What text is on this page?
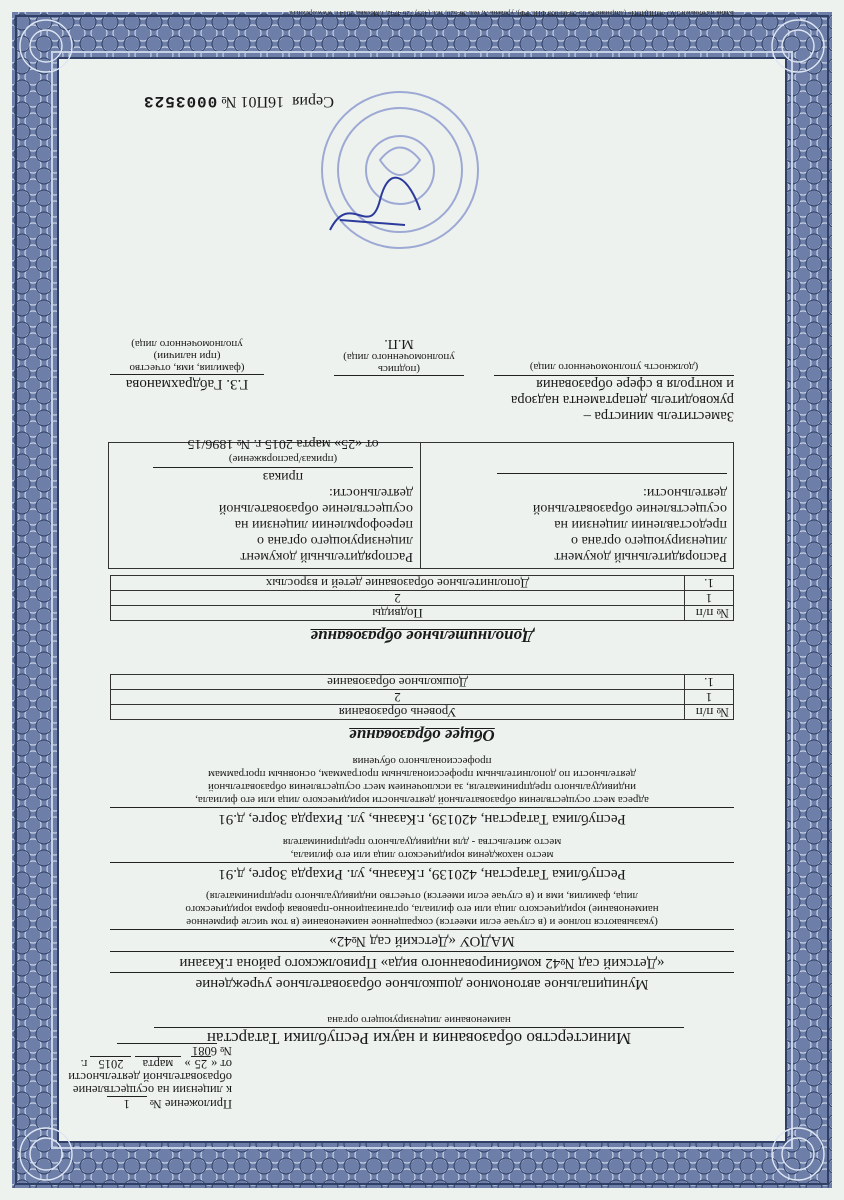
Бланк изготовлен ЗАО «ОПЦИОН» (лицензия № 05-05-09/003 ФНС РФ), уровень А, тел. 36-520, тел. (495) 726 4742, г.Москва, 2014 г. www.opcion.ru
Приложение № 1
к лицензии на осуществление
образовательной деятельности
от «25» марта 2015 г.
№ 6081
Министерство образования и науки Республики Татарстан
наименование лицензирующего органа
Муниципальное автономное дошкольное образовательное учреждение
«Детский сад №42 комбинированного вида» Приволжского района г.Казани
МАДОУ «Детский сад №42»
(указываются полное и (в случае если имеется) сокращенное наименование (в том числе фирменное
наименование) юридического лица или его филиала, организационно-правовая форма юридического
лица, фамилия, имя и (в случае если имеется) отчество индивидуального предпринимателя)
Республика Татарстан, 420139, г.Казань, ул. Рихарда Зорге, д.91
место нахождения юридического лица или его филиала,
место жительства - для индивидуального предпринимателя
Республика Татарстан, 420139, г.Казань, ул. Рихарда Зорге, д.91
адреса мест осуществления образовательной деятельности юридического лица или его филиала,
индивидуального предпринимателя, за исключением мест осуществления образовательной
деятельности по дополнительным профессиональным программам, основным программам
профессионального обучения
Общее образование
№ п/п	Уровень образования
1	2
1.	Дошкольное образование
Дополнительное образование
№ п/п	Подвиды
1	2
1.	Дополнительное образование детей и взрослых
Распорядительный документ
лицензирующего органа о
предоставлении лицензии на
осуществление образовательной
деятельности:
Распорядительный документ
лицензирующего органа о
переоформлении лицензии на
осуществление образовательной
деятельности:
приказ
(приказ/распоряжение)
от «25» марта 2015 г. № 1896/15
Заместитель министра –
руководитель департамента надзора
и контроля в сфере образования
(должность уполномоченного лица)
(подпись
уполномоченного лица)
М.П.
Г.З. Габдрахманова
(фамилия, имя, отчество
(при наличии)
уполномоченного лица)
Серия  16П01 № 0003523
